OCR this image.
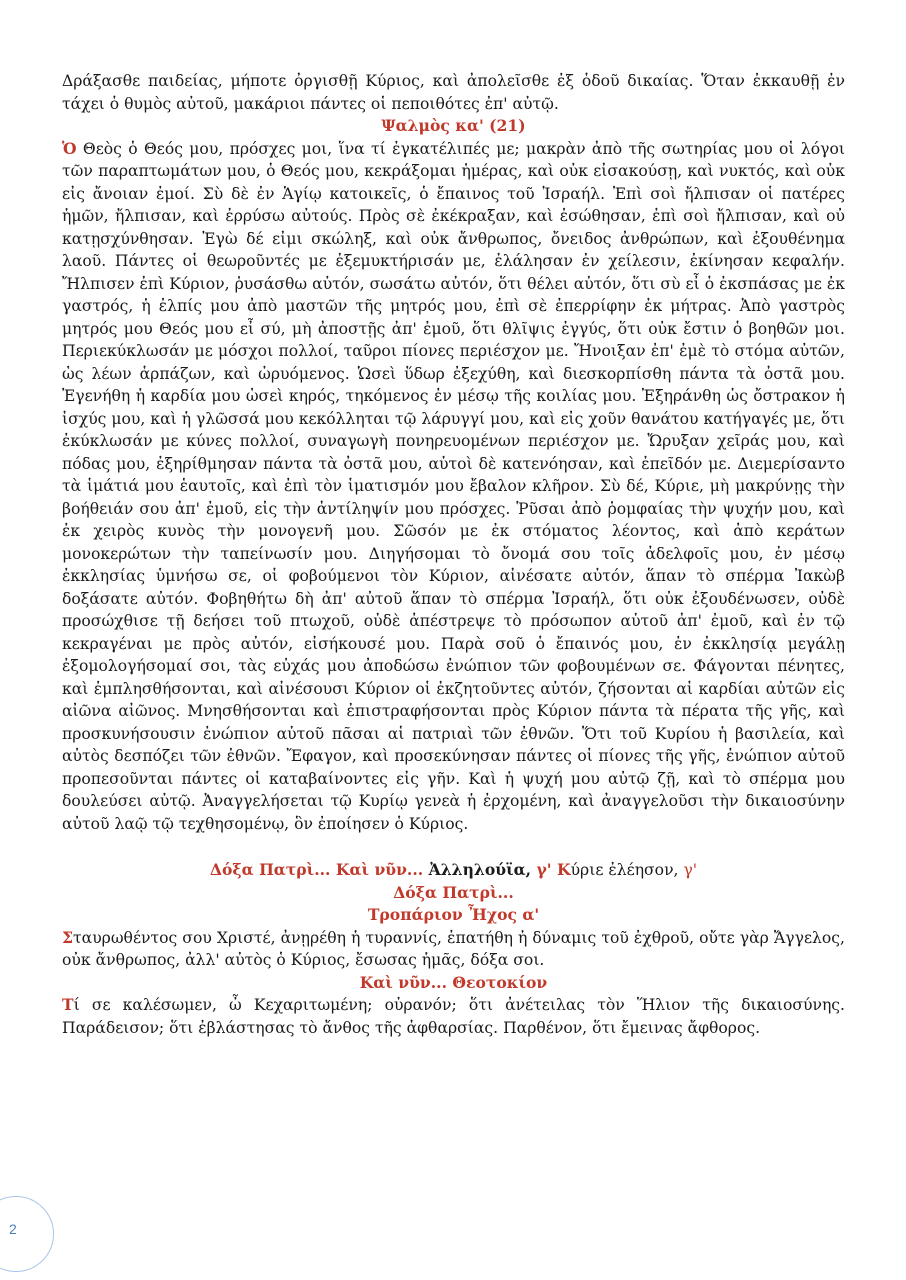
Δράξασθε παιδείας, μήποτε ὀργισθῇ Κύριος, καὶ ἀπολεῖσθε ἐξ ὁδοῦ δικαίας. Ὅταν ἐκκαυθῇ ἐν τάχει ὁ θυμὸς αὐτοῦ, μακάριοι πάντες οἱ πεποιθότες ἐπ' αὐτῷ.

Ψαλμὸς κα' (21)

Ὁ Θεὸς ὁ Θεός μου, πρόσχες μοι, ἵνα τί ἐγκατέλιπές με; μακρὰν ἀπὸ τῆς σωτηρίας μου οἱ λόγοι τῶν παραπτωμάτων μου, ὁ Θεός μου, κεκράξομαι ἡμέρας, καὶ οὐκ εἰσακούσῃ, καὶ νυκτός, καὶ οὐκ εἰς ἄνοιαν ἐμοί. Σὺ δὲ ἐν Ἁγίῳ κατοικεῖς, ὁ ἔπαινος τοῦ Ἰσραήλ. Ἐπὶ σοὶ ἤλπισαν οἱ πατέρες ἡμῶν, ἤλπισαν, καὶ ἐρρύσω αὐτούς. Πρὸς σὲ ἐκέκραξαν, καὶ ἐσώθησαν, ἐπὶ σοὶ ἤλπισαν, καὶ οὐ κατῃσχύνθησαν. Ἐγὼ δέ εἰμι σκώληξ, καὶ οὐκ ἄνθρωπος, ὄνειδος ἀνθρώπων, καὶ ἐξουθένημα λαοῦ. Πάντες οἱ θεωροῦντές με ἐξεμυκτήρισάν με, ἐλάλησαν ἐν χείλεσιν, ἐκίνησαν κεφαλήν. Ἤλπισεν ἐπὶ Κύριον, ῥυσάσθω αὐτόν, σωσάτω αὐτόν, ὅτι θέλει αὐτόν, ὅτι σὺ εἶ ὁ ἐκσπάσας με ἐκ γαστρός, ἡ ἐλπίς μου ἀπὸ μαστῶν τῆς μητρός μου, ἐπὶ σὲ ἐπερρίφην ἐκ μήτρας. Ἀπὸ γαστρὸς μητρός μου Θεός μου εἶ σύ, μὴ ἀποστῇς ἀπ' ἐμοῦ, ὅτι θλῖψις ἐγγύς, ὅτι οὐκ ἔστιν ὁ βοηθῶν μοι. Περιεκύκλωσάν με μόσχοι πολλοί, ταῦροι πίονες περιέσχον με. Ἤνοιξαν ἐπ' ἐμὲ τὸ στόμα αὐτῶν, ὡς λέων ἁρπάζων, καὶ ὠρυόμενος. Ὡσεὶ ὕδωρ ἐξεχύθη, καὶ διεσκορπίσθη πάντα τὰ ὀστᾶ μου. Ἐγενήθη ἡ καρδία μου ὡσεὶ κηρός, τηκόμενος ἐν μέσῳ τῆς κοιλίας μου. Ἐξηράνθη ὡς ὄστρακον ἡ ἰσχύς μου, καὶ ἡ γλῶσσά μου κεκόλληται τῷ λάρυγγί μου, καὶ εἰς χοῦν θανάτου κατήγαγές με, ὅτι ἐκύκλωσάν με κύνες πολλοί, συναγωγὴ πονηρευομένων περιέσχον με. Ὤρυξαν χεῖράς μου, καὶ πόδας μου, ἐξηρίθμησαν πάντα τὰ ὀστᾶ μου, αὐτοὶ δὲ κατενόησαν, καὶ ἐπεῖδόν με. Διεμερίσαντο τὰ ἱμάτιά μου ἑαυτοῖς, καὶ ἐπὶ τὸν ἱματισμόν μου ἔβαλον κλῆρον. Σὺ δέ, Κύριε, μὴ μακρύνῃς τὴν βοήθειάν σου ἀπ' ἐμοῦ, εἰς τὴν ἀντίληψίν μου πρόσχες. Ῥῦσαι ἀπὸ ῥομφαίας τὴν ψυχήν μου, καὶ ἐκ χειρὸς κυνὸς τὴν μονογενῆ μου. Σῶσόν με ἐκ στόματος λέοντος, καὶ ἀπὸ κεράτων μονοκερώτων τὴν ταπείνωσίν μου. Διηγήσομαι τὸ ὄνομά σου τοῖς ἀδελφοῖς μου, ἐν μέσῳ ἐκκλησίας ὑμνήσω σε, οἱ φοβούμενοι τὸν Κύριον, αἰνέσατε αὐτόν, ἅπαν τὸ σπέρμα Ἰακὼβ δοξάσατε αὐτόν. Φοβηθήτω δὴ ἀπ' αὐτοῦ ἅπαν τὸ σπέρμα Ἰσραήλ, ὅτι οὐκ ἐξουδένωσεν, οὐδὲ προσώχθισε τῇ δεήσει τοῦ πτωχοῦ, οὐδὲ ἀπέστρεψε τὸ πρόσωπον αὐτοῦ ἀπ' ἐμοῦ, καὶ ἐν τῷ κεκραγέναι με πρὸς αὐτόν, εἰσήκουσέ μου. Παρὰ σοῦ ὁ ἔπαινός μου, ἐν ἐκκλησίᾳ μεγάλῃ ἐξομολογήσομαί σοι, τὰς εὐχάς μου ἀποδώσω ἐνώπιον τῶν φοβουμένων σε. Φάγονται πένητες, καὶ ἐμπλησθήσονται, καὶ αἰνέσουσι Κύριον οἱ ἐκζητοῦντες αὐτόν, ζήσονται αἱ καρδίαι αὐτῶν εἰς αἰῶνα αἰῶνος. Μνησθήσονται καὶ ἐπιστραφήσονται πρὸς Κύριον πάντα τὰ πέρατα τῆς γῆς, καὶ προσκυνήσουσιν ἐνώπιον αὐτοῦ πᾶσαι αἱ πατριαὶ τῶν ἐθνῶν. Ὅτι τοῦ Κυρίου ἡ βασιλεία, καὶ αὐτὸς δεσπόζει τῶν ἐθνῶν. Ἔφαγον, καὶ προσεκύνησαν πάντες οἱ πίονες τῆς γῆς, ἐνώπιον αὐτοῦ προπεσοῦνται πάντες οἱ καταβαίνοντες εἰς γῆν. Καὶ ἡ ψυχή μου αὐτῷ ζῇ, καὶ τὸ σπέρμα μου δουλεύσει αὐτῷ. Ἀναγγελήσεται τῷ Κυρίῳ γενεὰ ἡ ἐρχομένη, καὶ ἀναγγελοῦσι τὴν δικαιοσύνην αὐτοῦ λαῷ τῷ τεχθησομένῳ, ὃν ἐποίησεν ὁ Κύριος.

Δόξα Πατρὶ... Καὶ νῦν... Ἀλληλούϊα, γ' Κύριε ἐλέησον, γ'
Δόξα Πατρὶ...
Τροπάριον Ἦχος α'

Σταυρωθέντος σου Χριστέ, ἀνῃρέθη ἡ τυραννίς, ἐπατήθη ἡ δύναμις τοῦ ἐχθροῦ, οὔτε γὰρ Ἄγγελος, οὐκ ἄνθρωπος, ἀλλ' αὐτὸς ὁ Κύριος, ἔσωσας ἡμᾶς, δόξα σοι.

Καὶ νῦν... Θεοτοκίον

Τί σε καλέσωμεν, ὦ Κεχαριτωμένη; οὐρανόν; ὅτι ἀνέτειλας τὸν Ἥλιον τῆς δικαιοσύνης. Παράδεισον; ὅτι ἐβλάστησας τὸ ἄνθος τῆς ἀφθαρσίας. Παρθένον, ὅτι ἔμεινας ἄφθορος.

2
